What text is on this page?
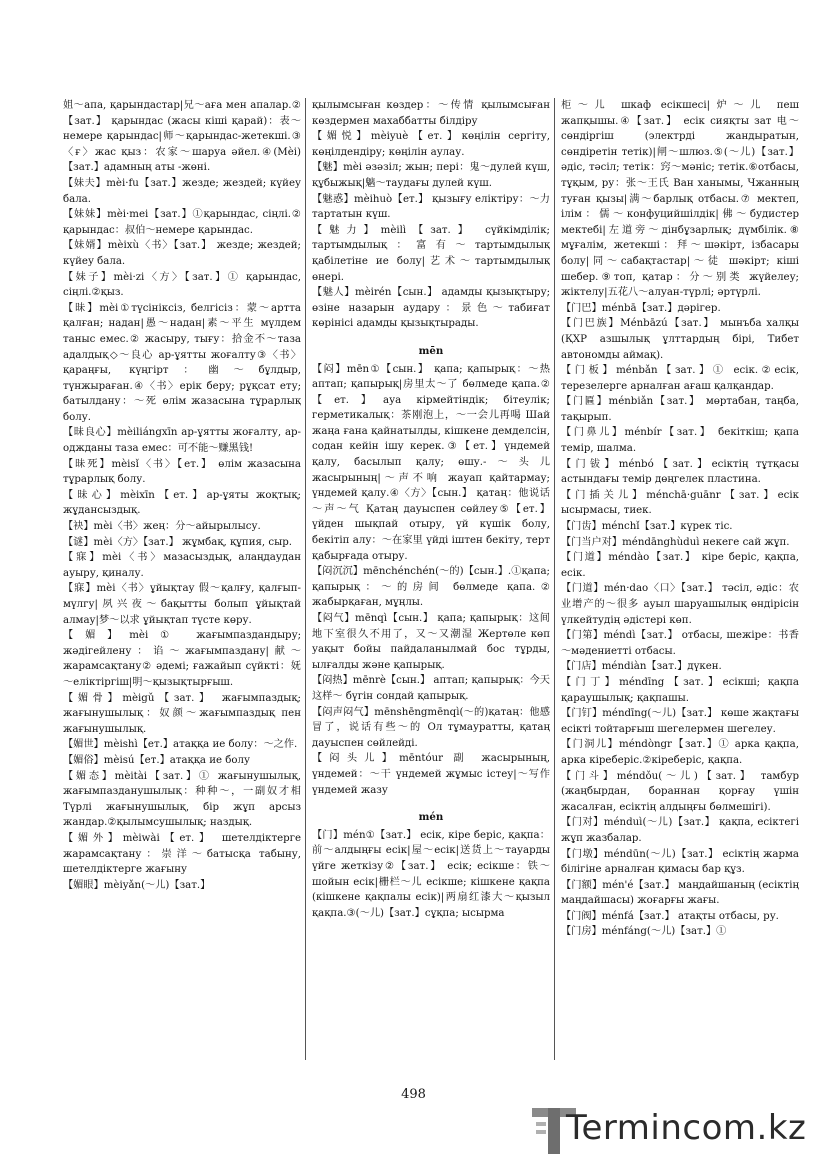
姐～апа, қарындастар|兄～аға мен апалар.②【зат.】 қарындас (жасы кіші қарай)：表～немере қарындас|师～қарындас-жетекші.③〈ғ〉жас қыз：农家～шаруа әйел.④(Mèi)【зат.】адамның аты -жөні.

【妹夫】mèi·fu【зат.】жезде; жездей; күйеу бала.

【妹妹】mèi·mei【зат.】①қарындас, сіңлі.② қарындас：叔伯～немере қарындас.

【妹婿】mèixù〈书〉【зат.】 жезде; жездей; күйеу бала.

【妹子】mèi·zi〈方〉【зат.】① қарындас, сіңлі.②қыз.

【昧】mèi①түсініксіз, белгісіз：蒙～артта қалған; надан|愚～надан|素～平生 мүлдем таныс емес.② жасыру, тығу：拾金不～таза адалдық◇～良心 ар-ұятты жоғалту③〈书〉қараңғы, күңгірт：幽～бұлдыр, түнжыраған.④〈书〉ерік беру; рұқсат ету; батылдану：～死 өлім жазасына тұрарлық болу.

【昧良心】mèiliángxīn ар-ұятты жоғалту, ар-оджданы таза емес：可不能～赚黑钱!

【昧死】mèisǐ〈书〉【ет.】 өлім жазасына тұрарлық болу.

【昧心】mèixīn【ет.】ар-ұяты жоқтық; жұдансыздық.

【袂】mèi〈书〉жең：分～айырылысу.

【谜】mèi〈方〉【зат.】 жұмбақ, құпия, сыр.

【寐】mèi〈书〉мазасыздық, алаңдаудан ауыру, қиналу.

【寐】mèi〈书〉ұйықтау 假～қалғу, қалғып-мүлгу|夙兴夜～бақытты болып ұйықтай алмау|梦～以求 ұйықтап түсте көру.

【媚】mèi① жағымпаздандыру; жәдігейлену：谄～жағымпаздану|献～жарамсақтану② әдемі; ғажайып сүйкті：妩～еліктіргіш|明～қызықтырғыш.

【媚骨】mèigǔ【зат.】 жағымпаздық; жағынушылық：奴颜～жағымпаздық пен жағынушылық.

【媚世】mèishì【ет.】атаққа ие болу：～之作.

【媚俗】mèisú【ет.】атаққа ие болу

【媚态】mèitài【зат.】① жағынушылық, жағымпазданушылық：种种～，一副奴才相 Түрлі жағынушылық, бір жұп арсыз жандар.②қылымсушылық; наздық.

【媚外】mèiwài【ет.】 шетелдіктерге жарамсақтану：崇洋～батысқа табыну, шетелдіктерге жағыну

【媚眼】mèiyǎn(～儿)【зат.】

қылымсыған көздер：～传情 қылымсыған көздермен махаббатты білдіру

【媚悦】mèiyuè【ет.】көңілін сергіту, көңілдендіру; көңілін аулау.

【魅】mèi әзәзіл; жын; пері：鬼～дулей күш, құбыжық|魑～таудағы дулей күш.

【魅惑】mèihuò【ет.】 қызығу еліктіру：～力 тартатын күш.

【魅力】mèilì【зат.】 сүйкімділік; тартымдылық：富有～тартымдылық қабілетіне ие болу|艺术～тартымдылық өнері.

【魅人】mèirén【сын.】 адамды қызықтыру; өзіне назарын аудару：景色～табиғат көрінісі адамды қызықтырады.

mēn

【闷】mēn①【сын.】 қапа; қапырық：～热 аптап; қапырық|房里太～了 бөлмеде қапа.②【ет.】ауа кірмейтіндік; бітеулік; герметикалық：茶刚泡上，～一会儿再喝 Шай жаңа ғана қайнатылды, кішкене демделсін, содан кейін ішу керек.③【ет.】үндемей қалу, басылып қалу; өшу.-～头儿 жасырының|～声不响 жауап қайтармау; үндемей қалу.④〈方〉【сын.】 қатаң：他说话～声～气 Қатаң дауыспен сөйлеу⑤【ет.】үйден шықпай отыру, үй күшік болу, бекітіп алу：～在家里 үйді іштен бекіту, терт қабырғада отыру.

【闷沉沉】mēnchénchén(～的)【сын.】.①қапа; қапырық：～的房间 бөлмеде қапа.② жабырқаған, мұңлы.

【闷气】mēnqì【сын.】 қапа; қапырық：这间地下室很久不用了，又～又潮湿 Жертөле көп уақыт бойы пайдаланылмай бос тұрды, ылғалды және қапырық.

【闷热】mēnrè【сын.】 аптап; қапырық：今天这样～ бүгін сондай қапырық.

【闷声闷气】mēnshēngmēnqì(～的)қатаң：他感冒了，说话有些～的 Ол тұмауратты, қатаң дауыспен сөйлейді.

【闷头儿】mēntóur 副 жасырының, үндемей：～干 үндемей жұмыс істеу|～写作 үндемей жазу

mén

【门】mén①【зат.】 есік, кіре беріс, қақпа：前～алдыңғы есік|屋～есік|送货上～тауарды үйге жеткізу②【зат.】 есік; есікше：铁～шойын есік|栅栏～儿 есікше; кішкене қақпа (кішкене қақпалы есік)|两扇红漆大～қызыл қақпа.③(～儿)【зат.】сұқпа; ысырма

柜～儿 шкаф есікшесі|炉～儿 пеш жапқышы.④【зат.】 есік сияқты зат 电～сөндіргіш (электрді жандыратын, сөндіретін тетік)|闸～шлюз.⑤(～儿)【зат.】 әдіс, тәсіл; тетік：窍～мәніс; тетік.⑥отбасы, тұқым, ру：张～王氏 Ван ханымы, Чжанның туған қызы|满～барлық отбасы.⑦ мектеп, ілім：儒～конфуцийшілдік|佛～будистер мектебі|左道旁～дінбұзарлық; дүмбілік.⑧ мұғалім, жетекші：拜～шәкірт, ізбасары болу|同～сабақтастар|～徒 шәкірт; кіші шебер.⑨топ, қатар：分～别类 жүйелеу; жіктелу|五花八～алуан-түрлі; әртүрлі.

【门巴】ménbā【зат.】дәрігер.

【门巴族】Ménbāzú【зат.】 мынъба халқы (ҚХР азшылық ұлттардың бірі, Тибет автономды аймақ).

【门板】ménbǎn【зат.】① есік.②есік, терезелерге арналған ағаш қалқандар.

【门匾】ménbiǎn【зат.】 мөртабан, таңба, тақырып.

【门鼻儿】ménbír【зат.】 бекіткіш; қапа темір, шалма.

【门钹】ménbó【зат.】есіктің тұтқасы астындағы темір дөңгелек пластина.

【门插关儿】ménchā·guānr【зат.】есік ысырмасы, тиек.

【门齿】ménchǐ【зат.】күрек тіс.

【门当户对】méndānghùduì некеге сай жұп.

【门道】méndào【зат.】 кіре беріс, қақпа, есік.

【门道】mén·dao〈口〉【зат.】 тәсіл, әдіс：农业增产的～很多 ауыл шаруашылық өндірісін үлкейтудің әдістері көп.

【门第】méndì【зат.】 отбасы, шежіре：书香～мәдениетті отбасы.

【门店】méndiàn【зат.】дүкен.

【门丁】méndīng【зат.】есікші; қақпа қараушылық; қақпашы.

【门钉】méndīng(～儿)【зат.】 көше жақтағы есікті тойтарғыш шегелермен шегелеу.

【门洞儿】méndòngr【зат.】① арка қақпа, арка кіреберіс.②кіреберіс, қақпа.

【门斗】méndǒu(～儿)【зат.】 тамбур (жаңбырдан, бораннан қорғау үшін жасалған, есіктің алдыңғы бөлмешігі).

【门对】ménduì(～儿)【зат.】 қақпа, есіктегі жұп жазбалар.

【门墩】méndūn(～儿)【зат.】 есіктің жарма білігіне арналған қимасы бар құз.

【门额】mén'é【зат.】 маңдайшаның (есіктің маңдайшасы) жоғарғы жағы.

【门阀】ménfá【зат.】 атақты отбасы, ру.

【门房】ménfáng(～儿)【зат.】①

498
Termincom.kz
